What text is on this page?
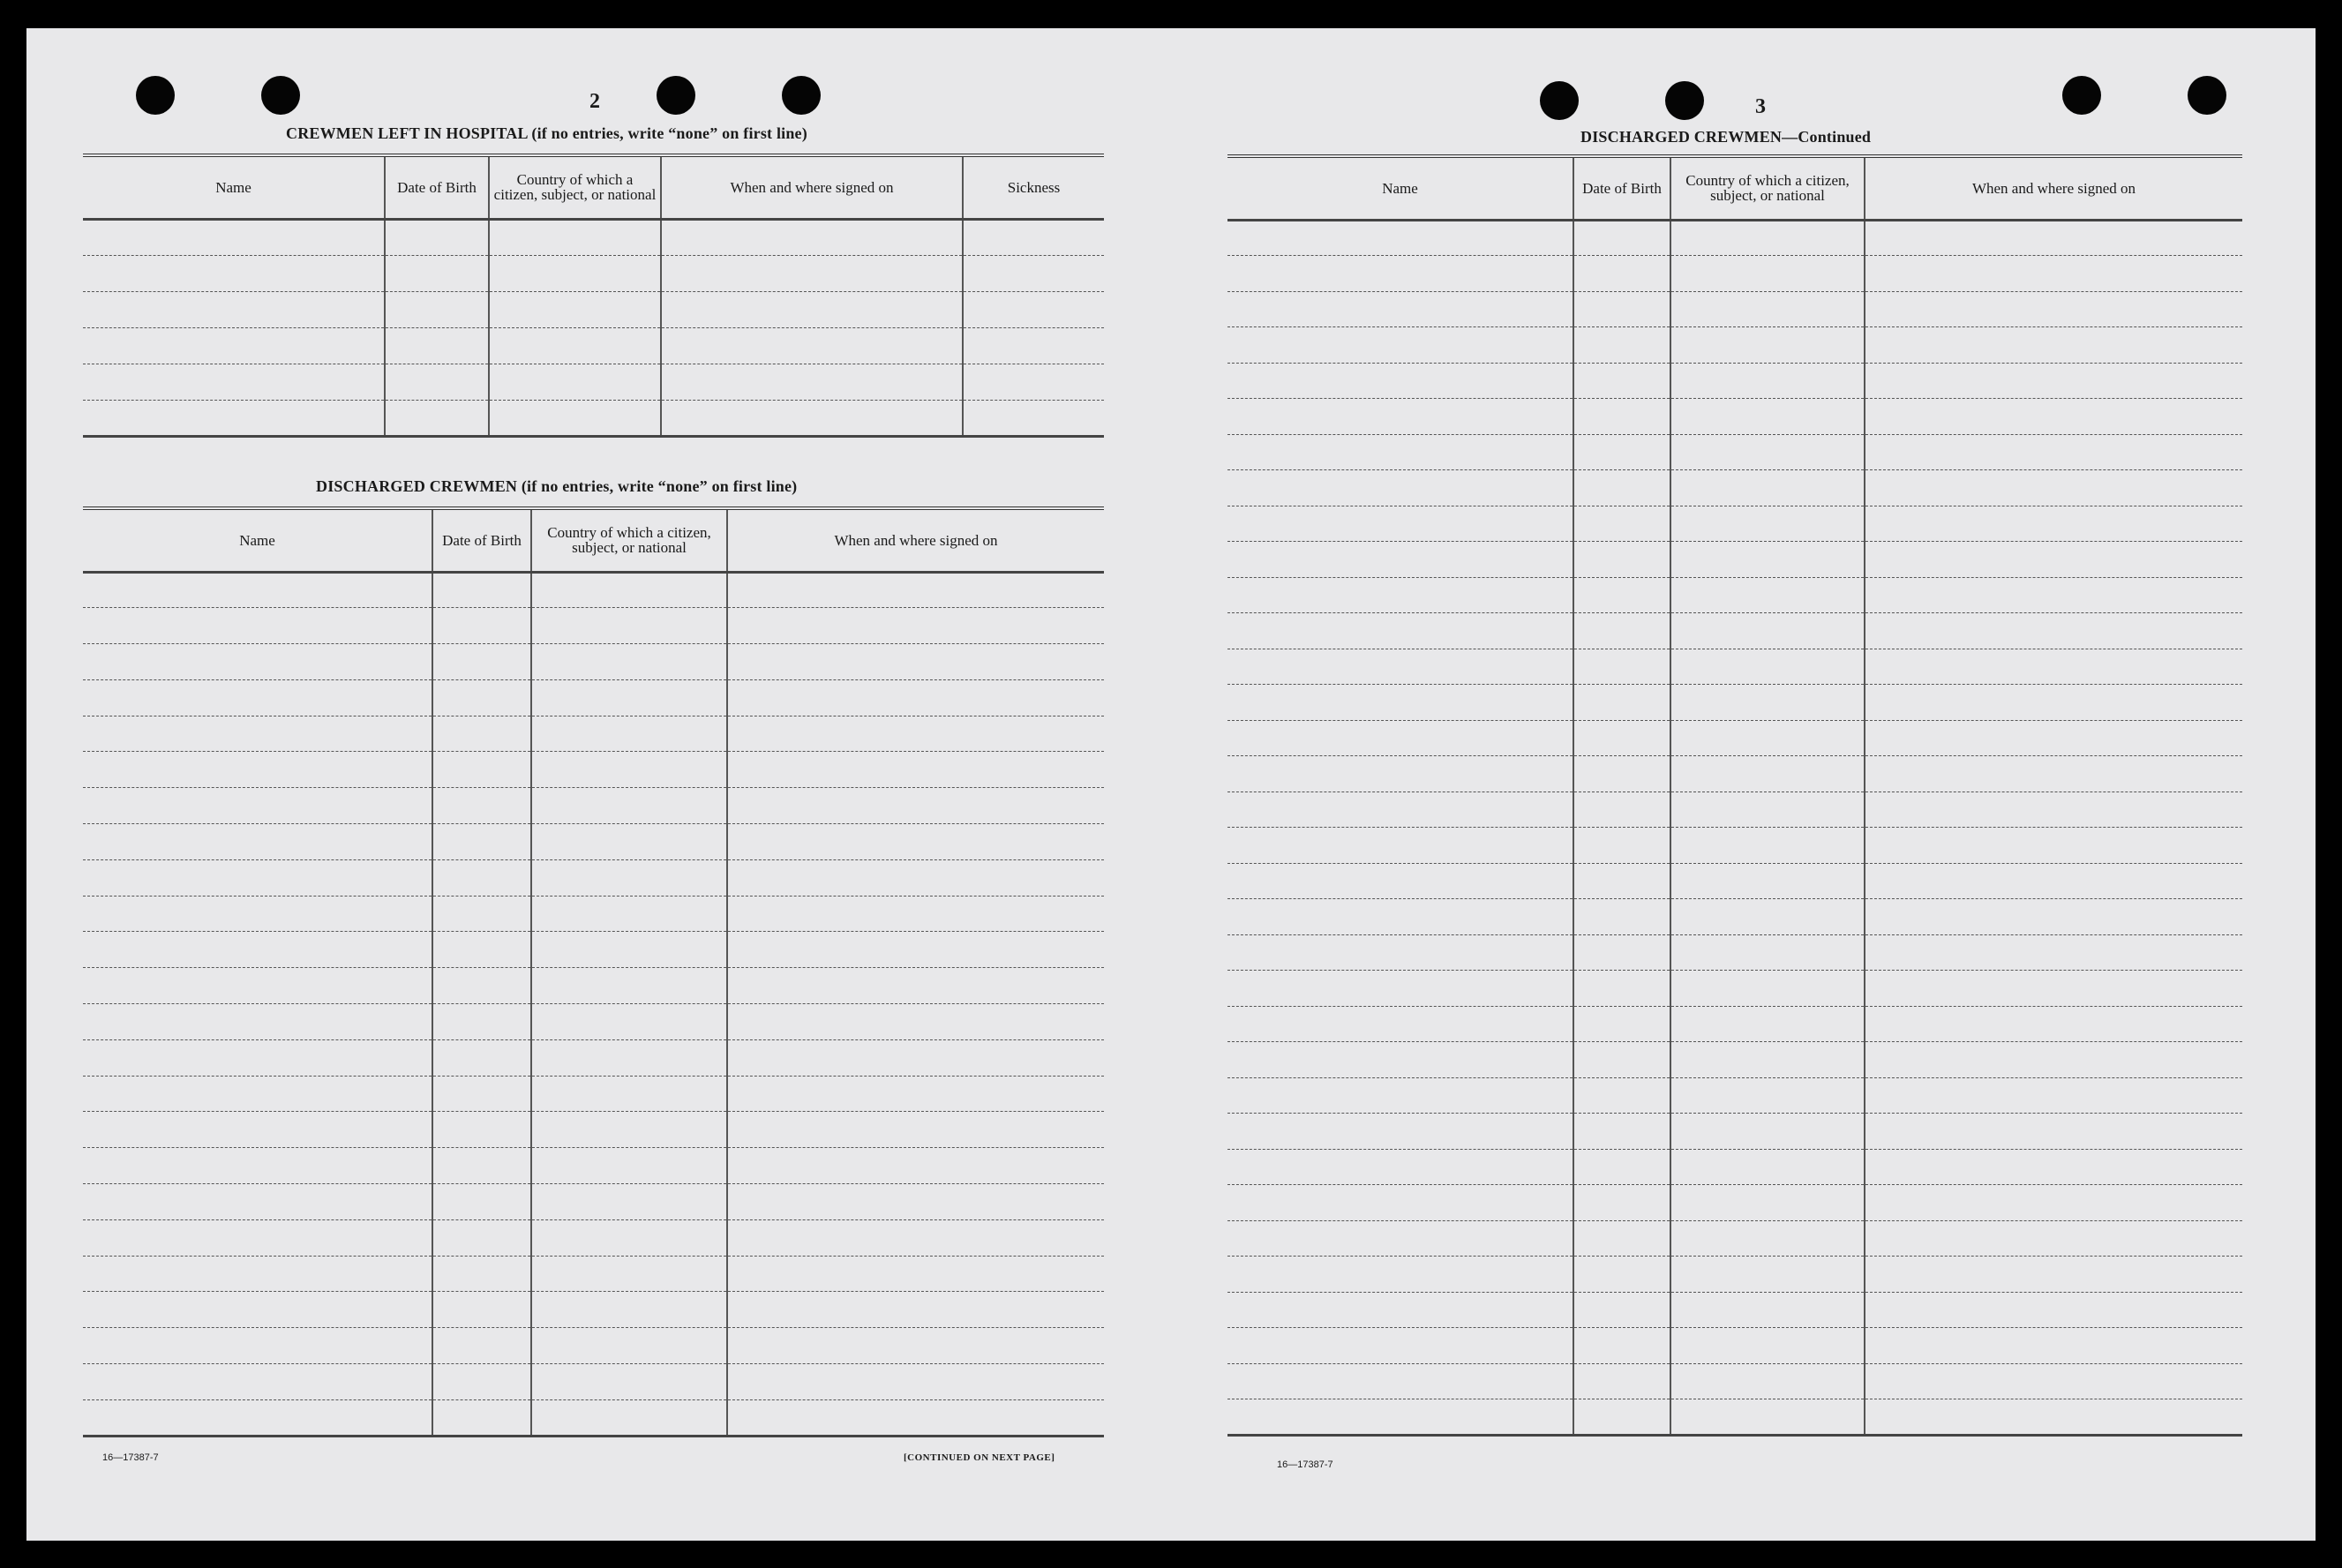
2
CREWMEN LEFT IN HOSPITAL (if no entries, write “none” on first line)
Name	Date of Birth	Country of which a citizen, subject, or national	When and where signed on	Sickness

DISCHARGED CREWMEN (if no entries, write “none” on first line)
Name	Date of Birth	Country of which a citizen, subject, or national	When and where signed on

16—17387-7	[CONTINUED ON NEXT PAGE]
3
DISCHARGED CREWMEN—Continued
Name	Date of Birth	Country of which a citizen, subject, or national	When and where signed on

16—17387-7
